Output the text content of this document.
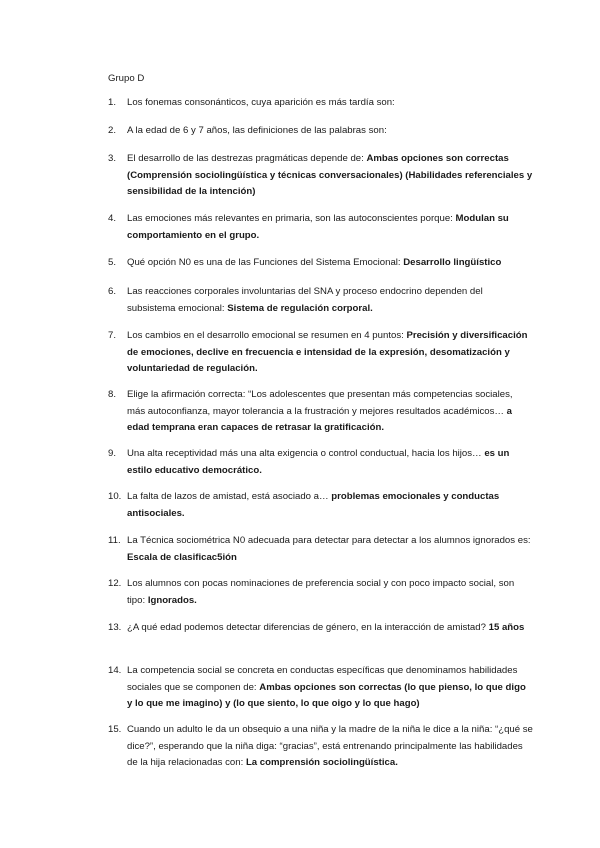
Grupo D
1. Los fonemas consonánticos, cuya aparición es más tardía son:
2. A la edad de 6 y 7 años, las definiciones de las palabras son:
3. El desarrollo de las destrezas pragmáticas depende de: Ambas opciones son correctas (Comprensión sociolingüística y técnicas conversacionales) (Habilidades referenciales y sensibilidad de la intención)
4. Las emociones más relevantes en primaria, son las autoconscientes porque: Modulan su comportamiento en el grupo.
5. Qué opción N0 es una de las Funciones del Sistema Emocional: Desarrollo lingüístico
6. Las reacciones corporales involuntarias del SNA y proceso endocrino dependen del subsistema emocional: Sistema de regulación corporal.
7. Los cambios en el desarrollo emocional se resumen en 4 puntos: Precisión y diversificación de emociones, declive en frecuencia e intensidad de la expresión, desomatización y voluntariedad de regulación.
8. Elige la afirmación correcta: “Los adolescentes que presentan más competencias sociales, más autoconfianza, mayor tolerancia a la frustración y mejores resultados académicos… a edad temprana eran capaces de retrasar la gratificación.
9. Una alta receptividad más una alta exigencia o control conductual, hacia los hijos… es un estilo educativo democrático.
10. La falta de lazos de amistad, está asociado a… problemas emocionales y conductas antisociales.
11. La Técnica sociométrica N0 adecuada para detectar para detectar a los alumnos ignorados es: Escala de clasificac5ión
12. Los alumnos con pocas nominaciones de preferencia social y con poco impacto social, son tipo: Ignorados.
13. ¿A qué edad podemos detectar diferencias de género, en la interacción de amistad? 15 años
14. La competencia social se concreta en conductas específicas que denominamos habilidades sociales que se componen de: Ambas opciones son correctas (lo que pienso, lo que digo y lo que me imagino) y (lo que siento, lo que oigo y lo que hago)
15. Cuando un adulto le da un obsequio a una niña y la madre de la niña le dice a la niña: “¿qué se dice?”, esperando que la niña diga: “gracias”, está entrenando principalmente las habilidades de la hija relacionadas con: La comprensión sociolingüística.
